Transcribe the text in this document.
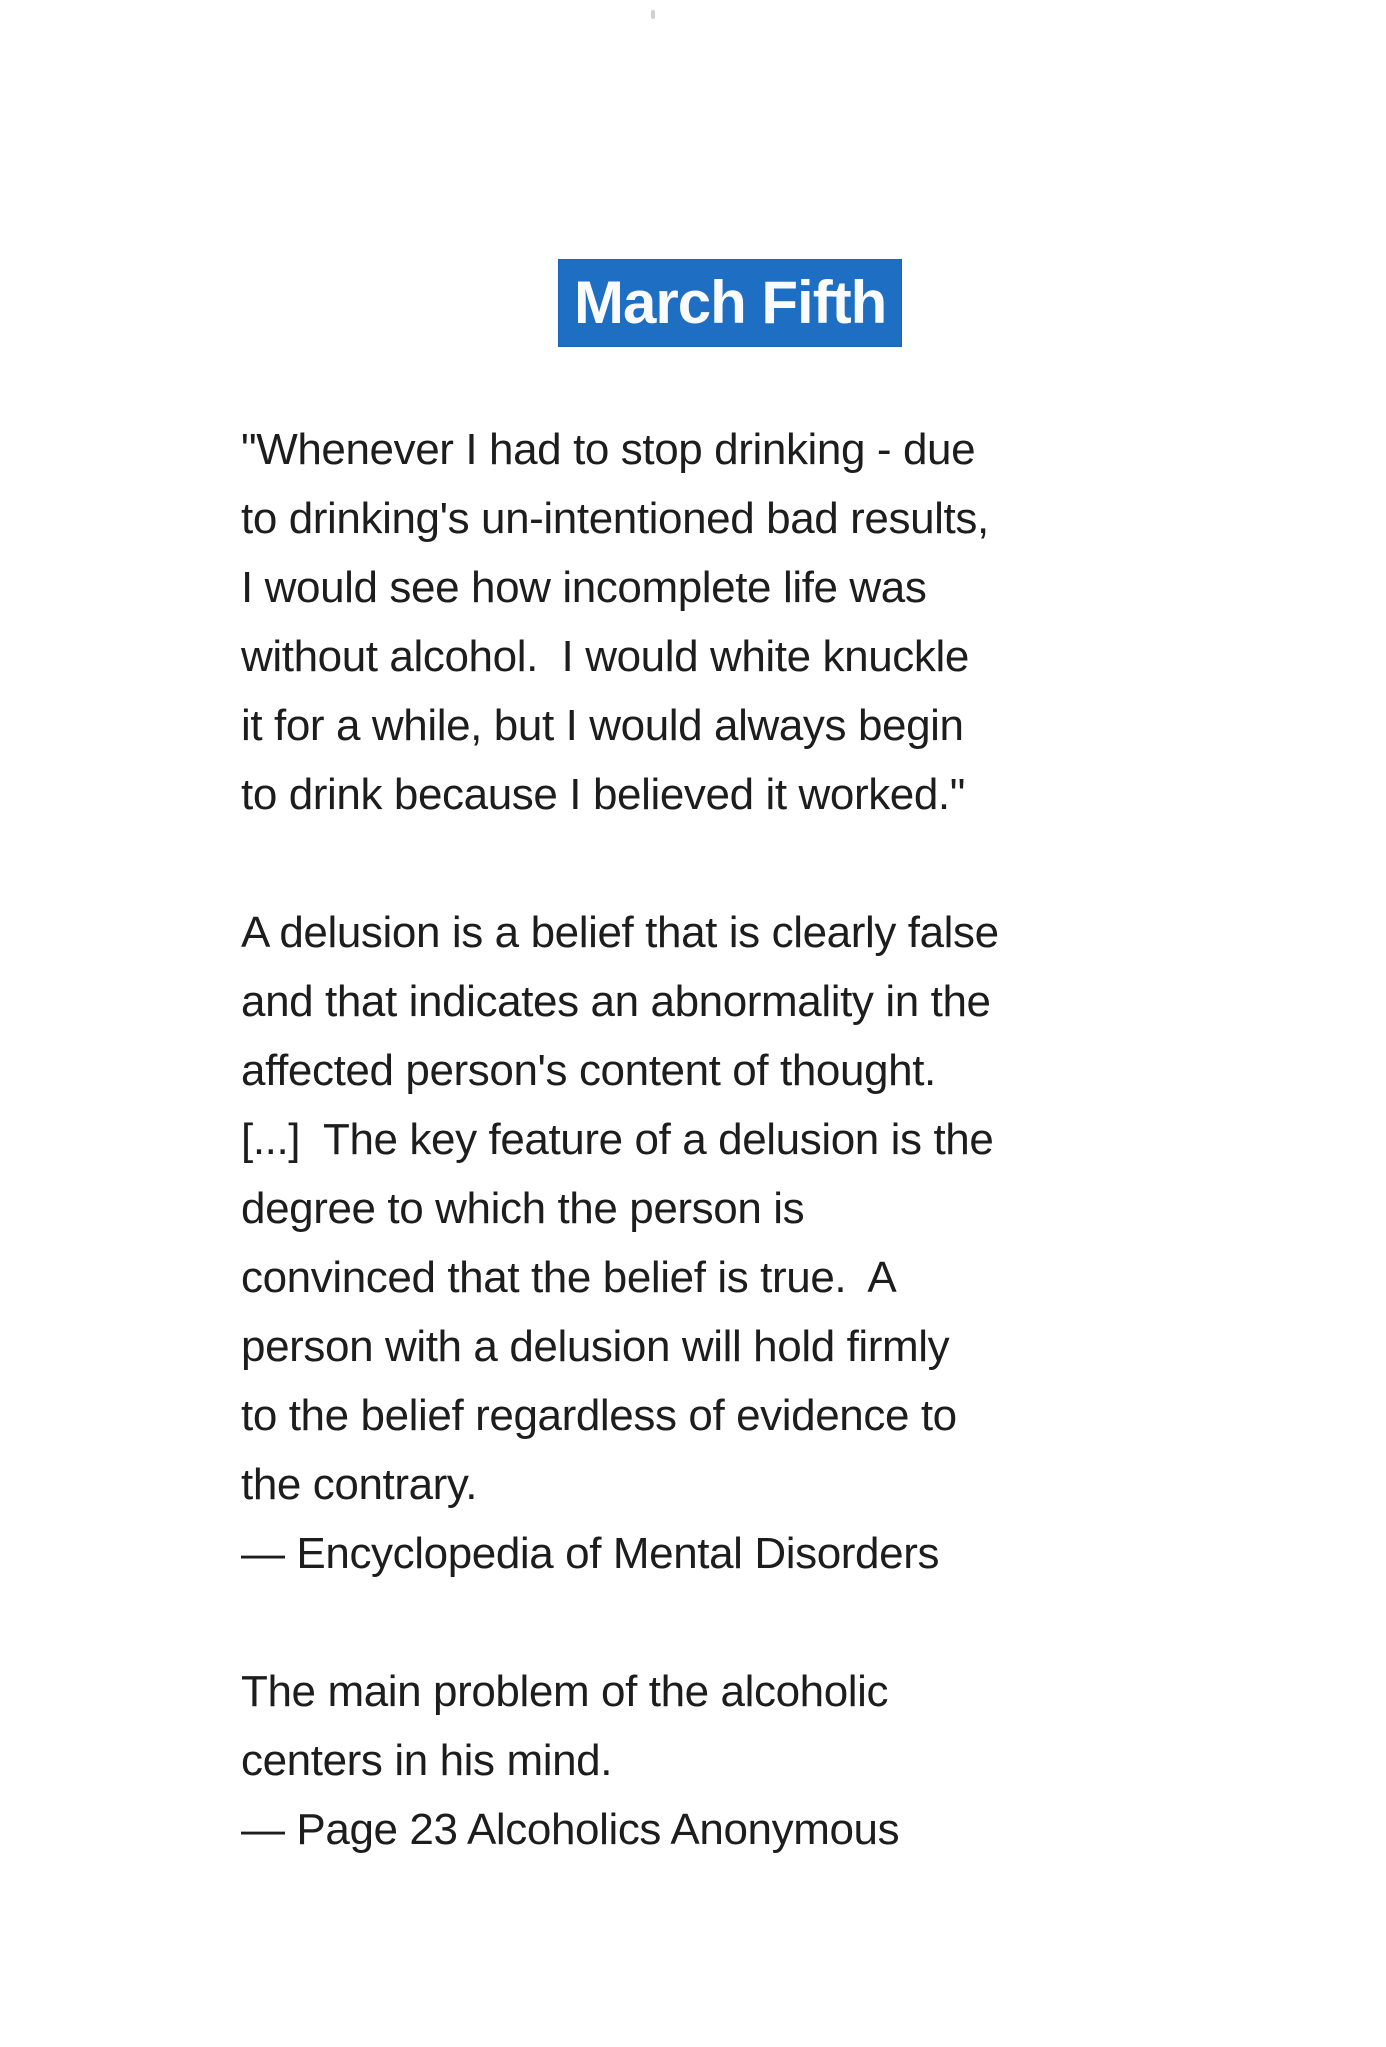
March Fifth
"Whenever I had to stop drinking - due
to drinking's un-intentioned bad results,
I would see how incomplete life was
without alcohol.  I would white knuckle
it for a while, but I would always begin
to drink because I believed it worked."
A delusion is a belief that is clearly false
and that indicates an abnormality in the
affected person's content of thought.
[...]  The key feature of a delusion is the
degree to which the person is
convinced that the belief is true.  A
person with a delusion will hold firmly
to the belief regardless of evidence to
the contrary.
— Encyclopedia of Mental Disorders
The main problem of the alcoholic
centers in his mind.
— Page 23 Alcoholics Anonymous
